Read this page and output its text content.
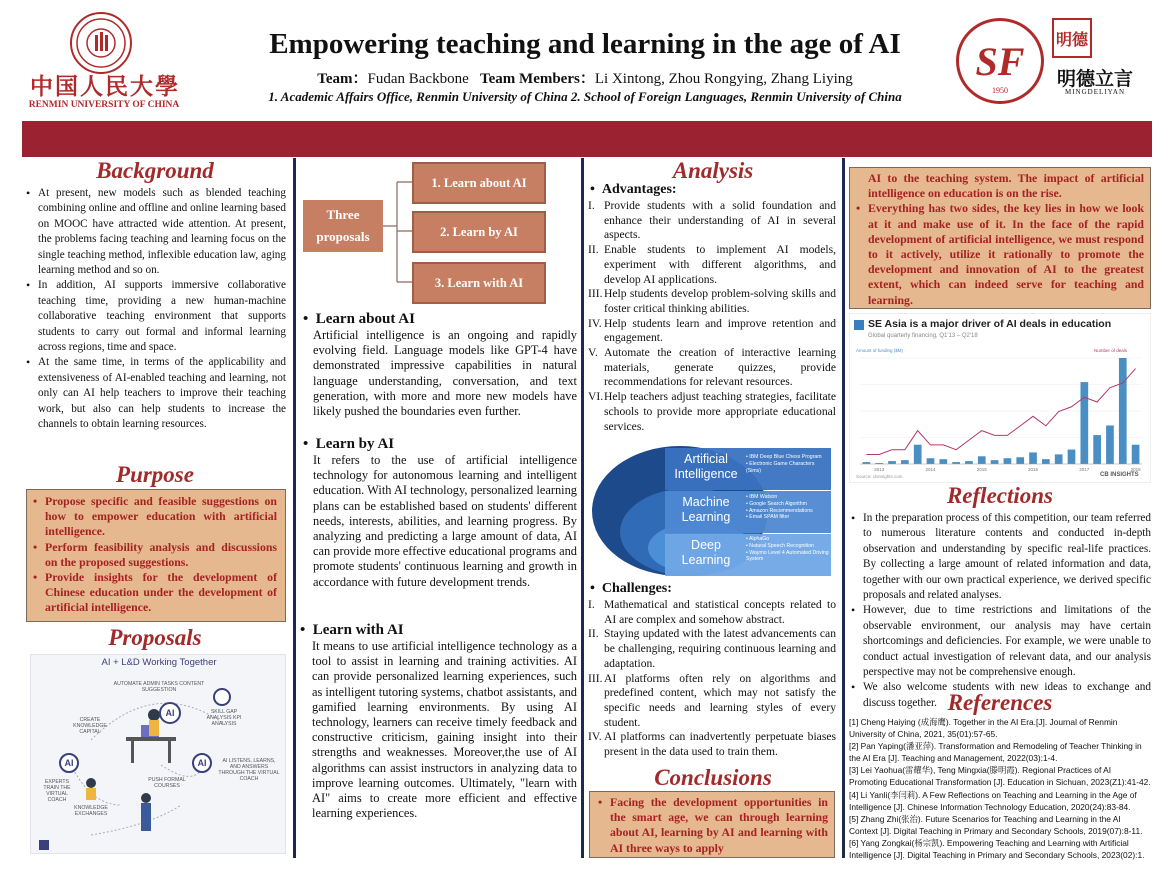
中国人民大學
RENMIN UNIVERSITY OF CHINA
Empowering teaching and learning in the age of AI
Team：Fudan Backbone Team Members：Li Xintong, Zhou Rongying, Zhang Liying
1. Academic Affairs Office, Renmin University of China 2. School of Foreign Languages, Renmin University of China
SF
1950
明德
明德立言
MINGDELIYAN
Background
• At present, new models such as blended teaching combining online and offline and online learning based on MOOC have attracted wide attention. At present, the problems facing teaching and learning focus on the single teaching method, inflexible education law, aging learning method and so on.
• In addition, AI supports immersive collaborative teaching time, providing a new human-machine collaborative teaching environment that supports students to carry out formal and informal learning across regions, time and space.
• At the same time, in terms of the applicability and extensiveness of AI-enabled teaching and learning, not only can AI help teachers to improve their teaching work, but also can help students to increase the channels to obtain learning resources.
Purpose
• Propose specific and feasible suggestions on how to empower education with artificial intelligence.
• Perform feasibility analysis and discussions on the proposed suggestions.
• Provide insights for the development of Chinese education under the development of artificial intelligence.
Proposals
AI + L&D Working Together
AI
AI	AI
AUTOMATE ADMIN TASKS CONTENT SUGGESTION
SKILL GAP ANALYSIS KPI ANALYSIS
CREATE KNOWLEDGE CAPITAL
EXPERTS TRAIN THE VIRTUAL COACH
PUSH FORMAL COURSES
AI LISTENS, LEARNS, AND ANSWERS THROUGH THE VIRTUAL COACH
KNOWLEDGE EXCHANGES
Three proposals
1. Learn about AI
2. Learn by AI
3. Learn with AI
•  Learn about AI
Artificial intelligence is an ongoing and rapidly evolving field. Language models like GPT-4 have demonstrated impressive capabilities in natural language understanding, conversation, and text generation, with more and more new models have likely pushed the boundaries even further.
•  Learn by AI
It refers to the use of artificial intelligence technology for autonomous learning and intelligent education. With AI technology, personalized learning plans can be established based on students' different needs, interests, abilities, and learning progress. By analyzing and predicting a large amount of data, AI can provide more effective educational programs and promote students' continuous learning and growth in accordance with future development trends.
•  Learn with AI
It means to use artificial intelligence technology as a tool to assist in learning and training activities. AI can provide personalized learning experiences, such as intelligent tutoring systems, chatbot assistants, and gamified learning environments. By using AI technology, learners can receive timely feedback and constructive criticism, gaining insight into their strengths and weaknesses. Moreover,the use of AI algorithms can assist instructors in analyzing data to improve learning outcomes. Ultimately, "learn with AI" aims to create more efficient and effective learning experiences.
Analysis
•  Advantages:
I. Provide students with a solid foundation and enhance their understanding of AI in several aspects.
II. Enable students to implement AI models, experiment with different algorithms, and develop AI applications.
III. Help students develop problem-solving skills and foster critical thinking abilities.
IV. Help students learn and improve retention and engagement.
V. Automate the creation of interactive learning materials, generate quizzes, provide recommendations for relevant resources.
VI. Help teachers adjust teaching strategies, facilitate schools to provide more appropriate educational services.
Artificial Intelligence
Machine Learning
Deep Learning
• IBM Deep Blue Chess Program
• Electronic Game Characters (Sims)
• IBM Watson
• Google Search Algorithm
• Amazon Recommendations
• Email SPAM filter
• AlphaGo
• Natural Speech Recognition
• Waymo Level 4 Automated Driving System
•  Challenges:
I. Mathematical and statistical concepts related to AI are complex and somehow abstract.
II. Staying updated with the latest advancements can be challenging, requiring continuous learning and adaptation.
III. AI platforms often rely on algorithms and predefined content, which may not satisfy the specific needs and learning styles of every student.
IV. AI platforms can inadvertently perpetuate biases present in the data used to train them.
Conclusions
• Facing the development opportunities in the smart age, we can through learning about AI, learning by AI and learning with AI three ways to apply
AI to the teaching system. The impact of artificial intelligence on education is on the rise.
• Everything has two sides, the key lies in how we look at it and make use of it. In the face of the rapid development of artificial intelligence, we must respond to it actively, utilize it rationally to promote the development and innovation of AI to the greatest extent, which can indeed serve for teaching and learning.
SE Asia is a major driver of AI deals in education
Global quarterly financing, Q1'13 – Q2'18
Amount of funding ($M)	Number of deals
2013	2014	2015	2016	2017	2018
Source: cbinsights.com	CB INSIGHTS
Reflections
• In the preparation process of this competition, our team referred to numerous literature contents and conducted in-depth observation and understanding by specific real-life practices. By collecting a large amount of related information and data, together with our own practical experience, we derived specific proposals and related analyses.
• However, due to time restrictions and limitations of the observable environment, our analysis may have certain shortcomings and deficiencies. For example, we were unable to conduct actual investigation of relevant data, and our analysis perspective may not be comprehensive enough.
• We also welcome students with new ideas to exchange and discuss together. References
[1] Cheng Haiying (成海鹰). Together in the AI Era.[J]. Journal of Renmin University of China, 2021, 35(01):57-65.
[2] Pan Yaping(潘亚萍). Transformation and Remodeling of Teacher Thinking in the AI Era [J]. Teaching and Management, 2022(03):1-4.
[3] Lei Yaohua(雷耀华), Teng Mingxia(滕明霞). Regional Practices of AI Promoting Educational Transformation [J]. Education in Sichuan, 2023(Z1):41-42.
[4] Li Yanli(李闫莉). A Few Reflections on Teaching and Learning in the Age of Intelligence [J]. Chinese Information Technology Education, 2020(24):83-84.
[5] Zhang Zhi(张治). Future Scenarios for Teaching and Learning in the AI Context [J]. Digital Teaching in Primary and Secondary Schools, 2019(07):8-11.
[6] Yang Zongkai(杨宗凯). Empowering Teaching and Learning with Artificial Intelligence [J]. Digital Teaching in Primary and Secondary Schools, 2023(02):1.
